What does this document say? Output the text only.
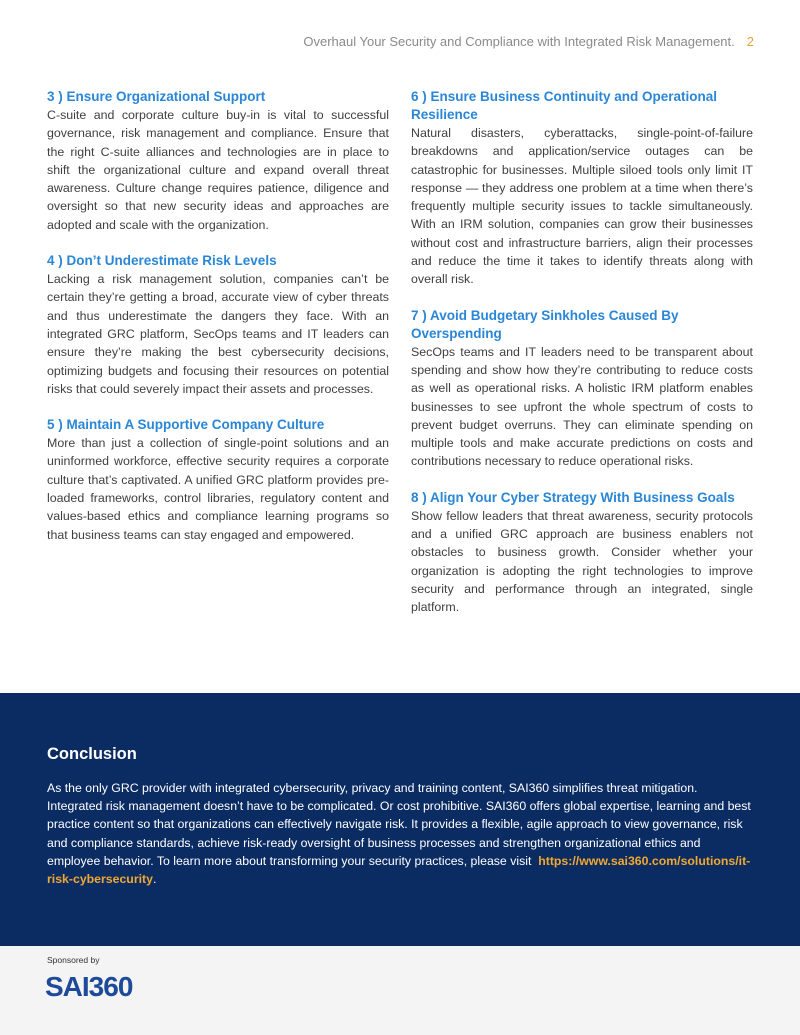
Overhaul Your Security and Compliance with Integrated Risk Management. 2
3 ) Ensure Organizational Support

C-suite and corporate culture buy-in is vital to successful governance, risk management and compliance. Ensure that the right C-suite alliances and technologies are in place to shift the organizational culture and expand overall threat awareness. Culture change requires patience, diligence and oversight so that new security ideas and approaches are adopted and scale with the organization.

4 ) Don’t Underestimate Risk Levels

Lacking a risk management solution, companies can’t be certain they’re getting a broad, accurate view of cyber threats and thus underestimate the dangers they face. With an integrated GRC platform, SecOps teams and IT leaders can ensure they’re making the best cybersecurity decisions, optimizing budgets and focusing their resources on potential risks that could severely impact their assets and processes.

5 ) Maintain A Supportive Company Culture

More than just a collection of single-point solutions and an uninformed workforce, effective security requires a corporate culture that’s captivated. A unified GRC platform provides pre-loaded frameworks, control libraries, regulatory content and values-based ethics and compliance learning programs so that business teams can stay engaged and empowered.

6 ) Ensure Business Continuity and Operational Resilience

Natural disasters, cyberattacks, single-point-of-failure breakdowns and application/service outages can be catastrophic for businesses. Multiple siloed tools only limit IT response — they address one problem at a time when there’s frequently multiple security issues to tackle simultaneously. With an IRM solution, companies can grow their businesses without cost and infrastructure barriers, align their processes and reduce the time it takes to identify threats along with overall risk.

7 ) Avoid Budgetary Sinkholes Caused By Overspending

SecOps teams and IT leaders need to be transparent about spending and show how they’re contributing to reduce costs as well as operational risks. A holistic IRM platform enables businesses to see upfront the whole spectrum of costs to prevent budget overruns. They can eliminate spending on multiple tools and make accurate predictions on costs and contributions necessary to reduce operational risks.

8 ) Align Your Cyber Strategy With Business Goals

Show fellow leaders that threat awareness, security protocols and a unified GRC approach are business enablers not obstacles to business growth. Consider whether your organization is adopting the right technologies to improve security and performance through an integrated, single platform.

Conclusion

As the only GRC provider with integrated cybersecurity, privacy and training content, SAI360 simplifies threat mitigation. Integrated risk management doesn’t have to be complicated. Or cost prohibitive. SAI360 offers global expertise, learning and best practice content so that organizations can effectively navigate risk. It provides a flexible, agile approach to view governance, risk and compliance standards, achieve risk-ready oversight of business processes and strengthen organizational ethics and employee behavior. To learn more about transforming your security practices, please visit https://www.sai360.com/solutions/it-risk-cybersecurity.

Sponsored by
SAI360
